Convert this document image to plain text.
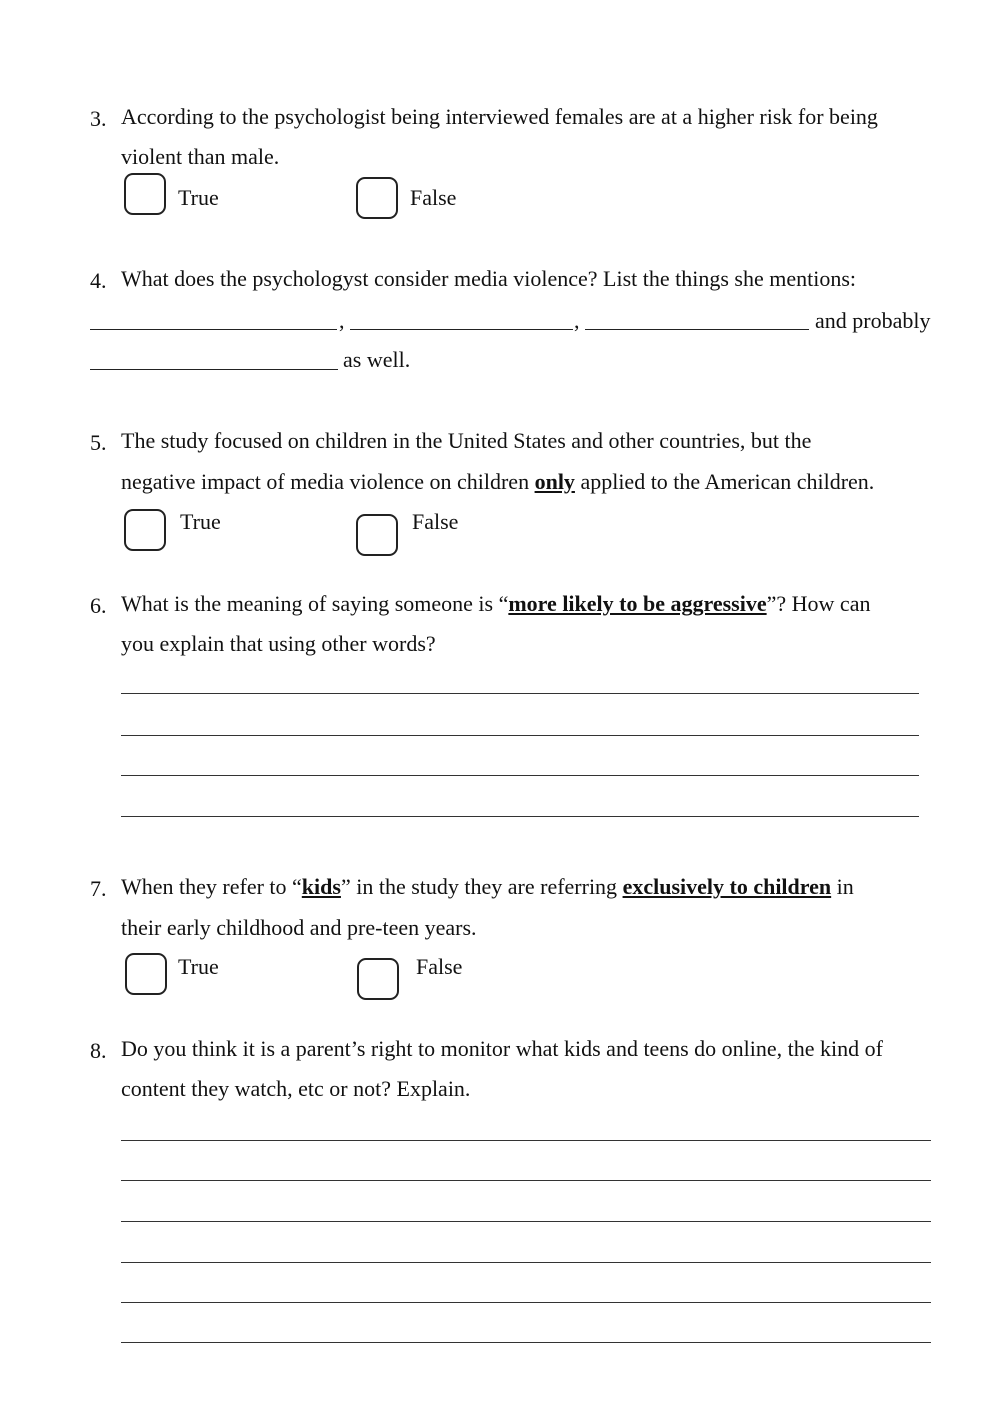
3. According to the psychologist being interviewed females are at a higher risk for being
violent than male.
True	False
4. What does the psychologyst consider media violence? List the things she mentions:
,	,	and probably
as well.
5. The study focused on children in the United States and other countries, but the
negative impact of media violence on children only applied to the American children.
True	False
6. What is the meaning of saying someone is “more likely to be aggressive”? How can
you explain that using other words?
7. When they refer to “kids” in the study they are referring exclusively to children in
their early childhood and pre-teen years.
True	False
8. Do you think it is a parent’s right to monitor what kids and teens do online, the kind of
content they watch, etc or not? Explain.
